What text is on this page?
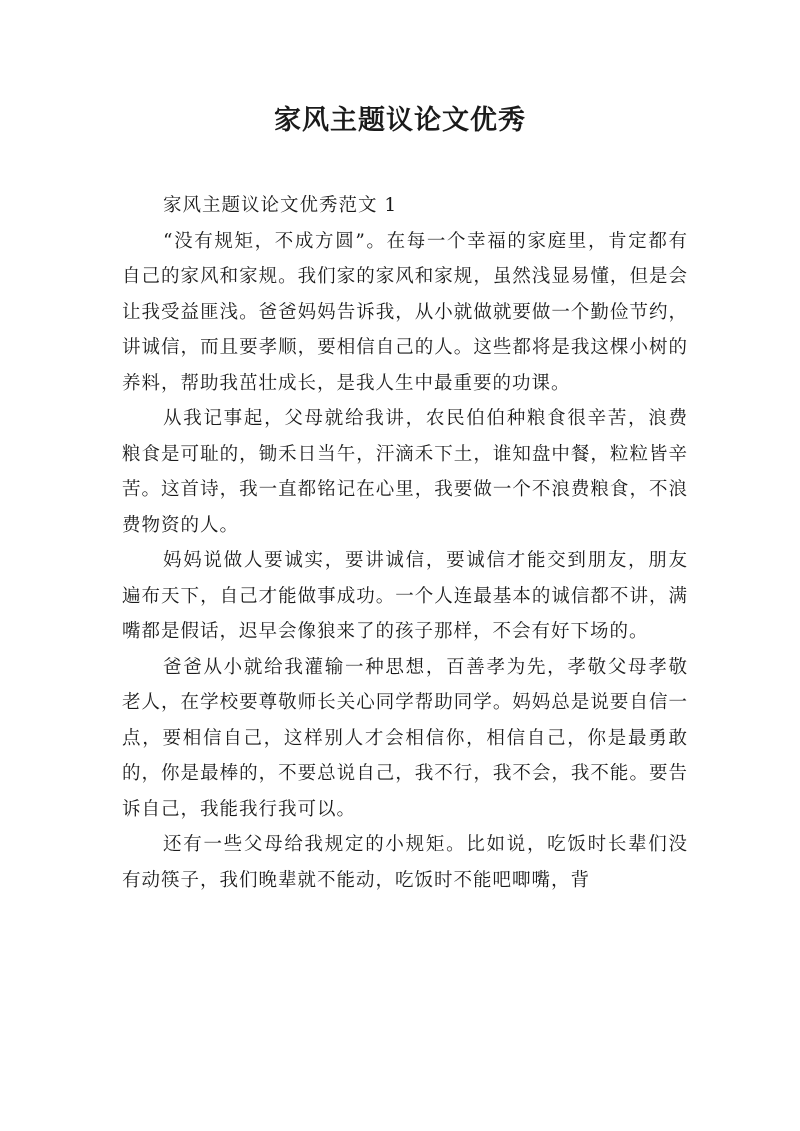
家风主题议论文优秀
家风主题议论文优秀范文 1

“没有规矩，不成方圆”。在每一个幸福的家庭里，肯定都有自己的家风和家规。我们家的家风和家规，虽然浅显易懂，但是会让我受益匪浅。爸爸妈妈告诉我，从小就做就要做一个勤俭节约，讲诚信，而且要孝顺，要相信自己的人。这些都将是我这棵小树的养料，帮助我茁壮成长，是我人生中最重要的功课。

从我记事起，父母就给我讲，农民伯伯种粮食很辛苦，浪费粮食是可耻的，锄禾日当午，汗滴禾下土，谁知盘中餐，粒粒皆辛苦。这首诗，我一直都铭记在心里，我要做一个不浪费粮食，不浪费物资的人。

妈妈说做人要诚实，要讲诚信，要诚信才能交到朋友，朋友遍布天下，自己才能做事成功。一个人连最基本的诚信都不讲，满嘴都是假话，迟早会像狼来了的孩子那样，不会有好下场的。

爸爸从小就给我灌输一种思想，百善孝为先，孝敬父母孝敬老人，在学校要尊敬师长关心同学帮助同学。妈妈总是说要自信一点，要相信自己，这样别人才会相信你，相信自己，你是最勇敢的，你是最棒的，不要总说自己，我不行，我不会，我不能。要告诉自己，我能我行我可以。

还有一些父母给我规定的小规矩。比如说，吃饭时长辈们没有动筷子，我们晚辈就不能动，吃饭时不能吧唧嘴，背
